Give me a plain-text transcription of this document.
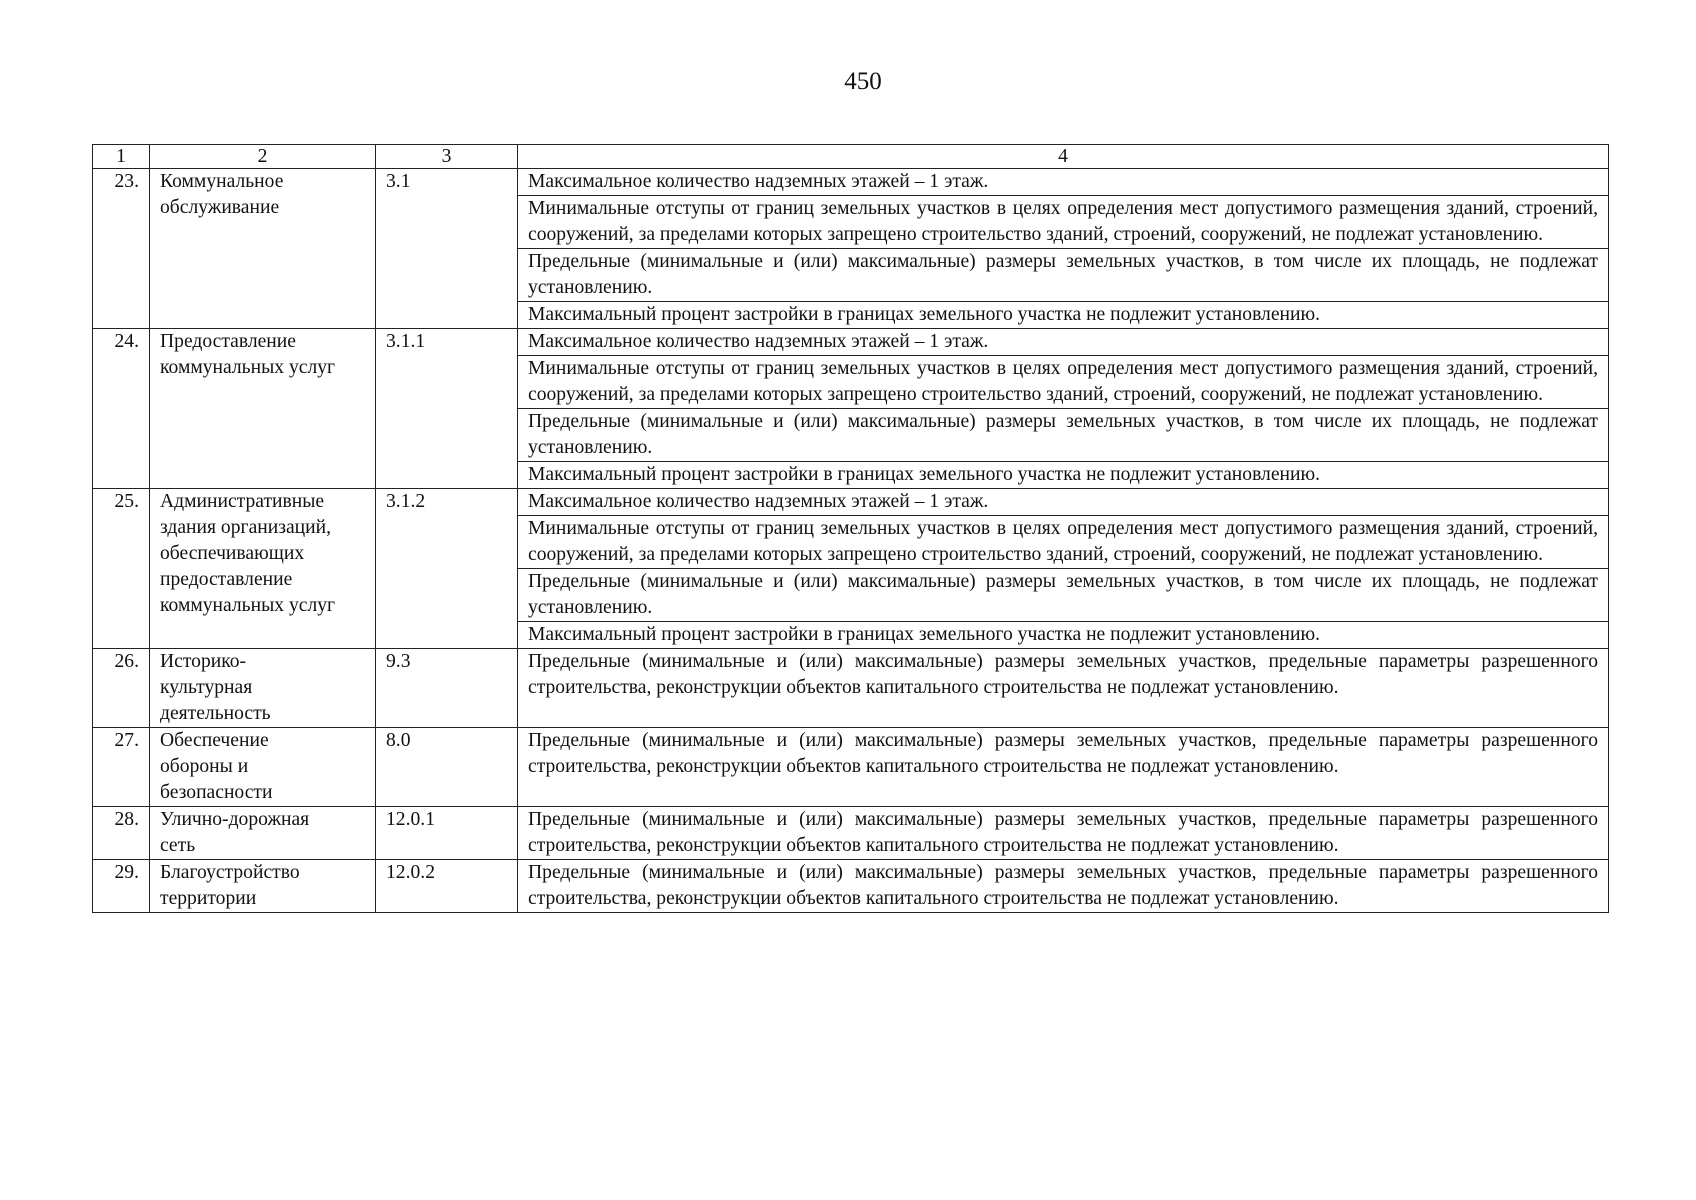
450
1	2	3	4
23.	Коммунальное
обслуживание	3.1	Максимальное количество надземных этажей – 1 этаж.
			Минимальные отступы от границ земельных участков в целях определения мест допустимого размещения зданий, строений, сооружений, за пределами которых запрещено строительство зданий, строений, сооружений, не подлежат установлению.
			Предельные (минимальные и (или) максимальные) размеры земельных участков, в том числе их площадь, не подлежат установлению.
			Максимальный процент застройки в границах земельного участка не подлежит установлению.
24.	Предоставление
коммунальных услуг	3.1.1	Максимальное количество надземных этажей – 1 этаж.
			Минимальные отступы от границ земельных участков в целях определения мест допустимого размещения зданий, строений, сооружений, за пределами которых запрещено строительство зданий, строений, сооружений, не подлежат установлению.
			Предельные (минимальные и (или) максимальные) размеры земельных участков, в том числе их площадь, не подлежат установлению.
			Максимальный процент застройки в границах земельного участка не подлежит установлению.
25.	Административные
здания организаций,
обеспечивающих
предоставление
коммунальных услуг	3.1.2	Максимальное количество надземных этажей – 1 этаж.
			Минимальные отступы от границ земельных участков в целях определения мест допустимого размещения зданий, строений, сооружений, за пределами которых запрещено строительство зданий, строений, сооружений, не подлежат установлению.
			Предельные (минимальные и (или) максимальные) размеры земельных участков, в том числе их площадь, не подлежат установлению.
			Максимальный процент застройки в границах земельного участка не подлежит установлению.
26.	Историко-
культурная
деятельность	9.3	Предельные (минимальные и (или) максимальные) размеры земельных участков, предельные параметры разрешенного строительства, реконструкции объектов капитального строительства не подлежат установлению.
27.	Обеспечение
обороны и
безопасности	8.0	Предельные (минимальные и (или) максимальные) размеры земельных участков, предельные параметры разрешенного строительства, реконструкции объектов капитального строительства не подлежат установлению.
28.	Улично-дорожная
сеть	12.0.1	Предельные (минимальные и (или) максимальные) размеры земельных участков, предельные параметры разрешенного строительства, реконструкции объектов капитального строительства не подлежат установлению.
29.	Благоустройство
территории	12.0.2	Предельные (минимальные и (или) максимальные) размеры земельных участков, предельные параметры разрешенного строительства, реконструкции объектов капитального строительства не подлежат установлению.
